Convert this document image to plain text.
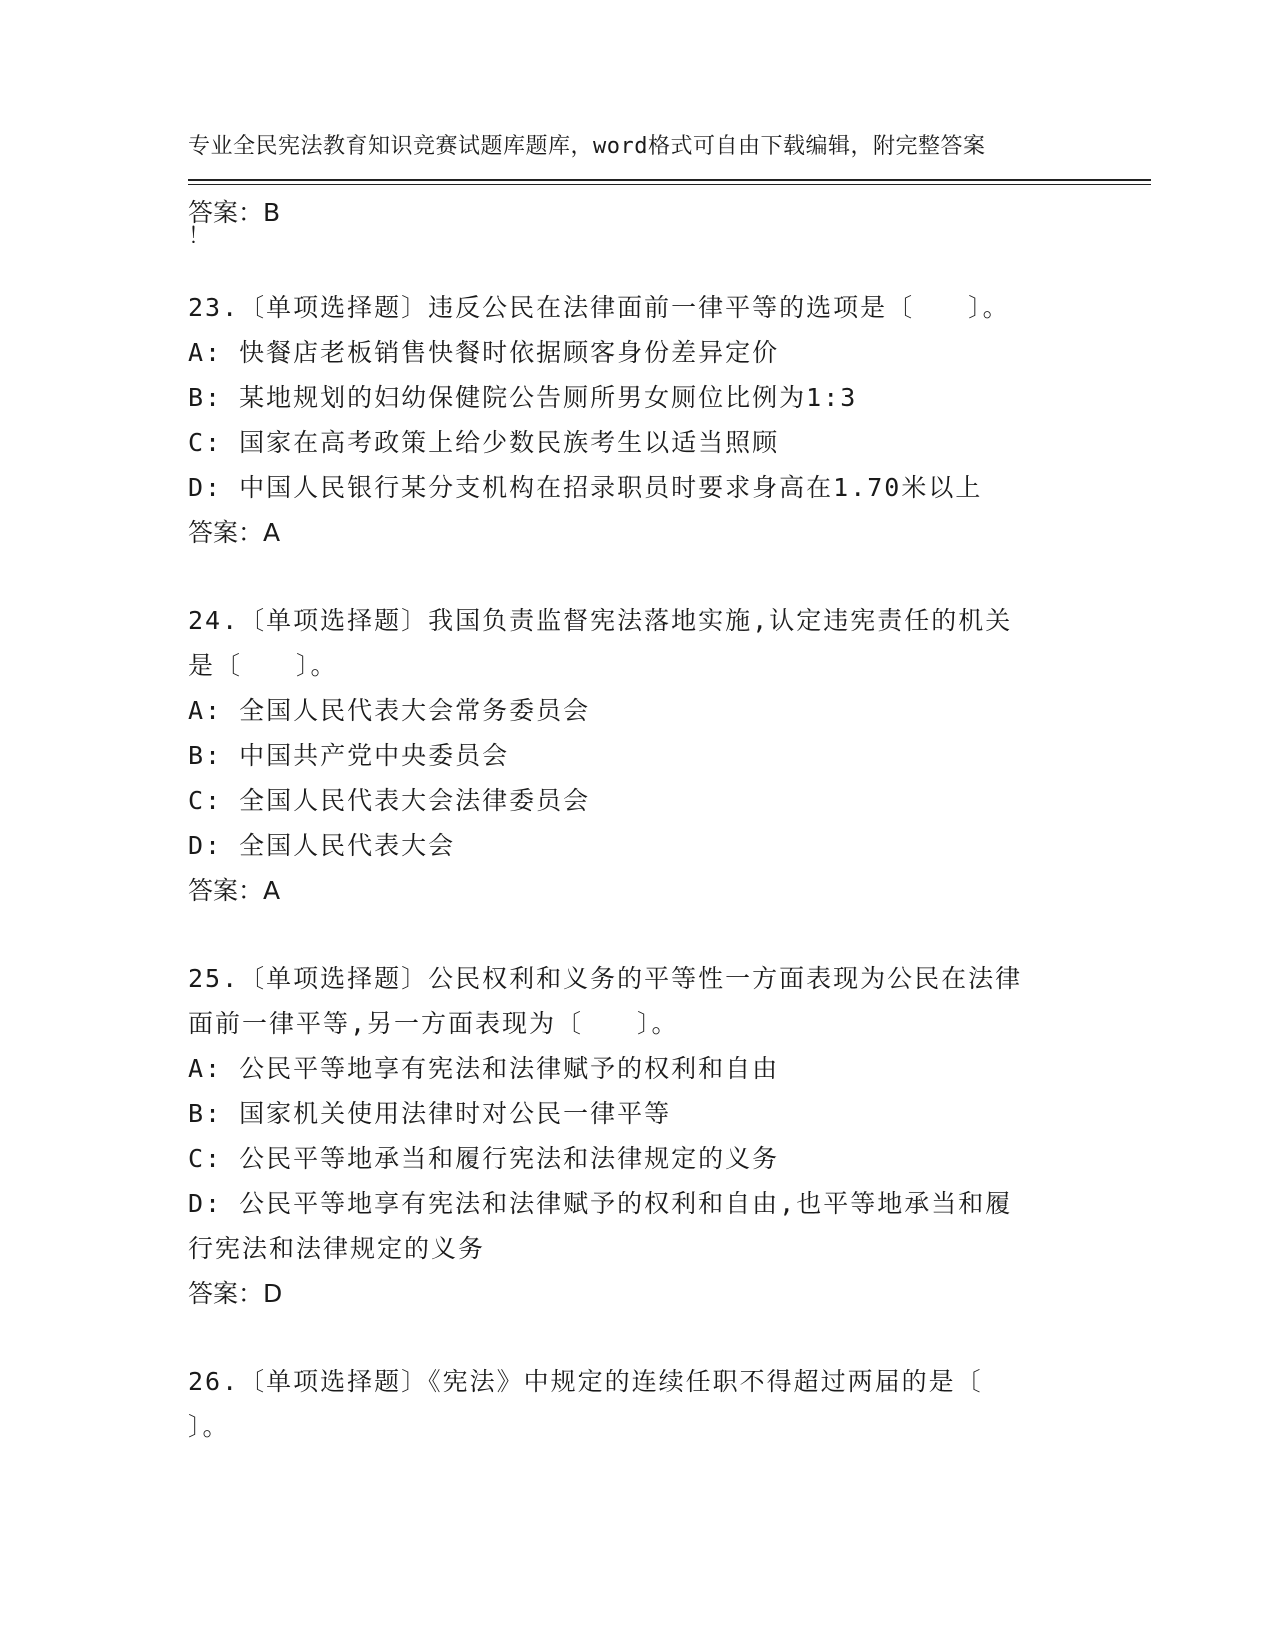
专业全民宪法教育知识竞赛试题库题库，word格式可自由下载编辑，附完整答案

！

答案：B
23.〔单项选择题〕违反公民在法律面前一律平等的选项是〔　　〕。
A: 快餐店老板销售快餐时依据顾客身份差异定价
B: 某地规划的妇幼保健院公告厕所男女厕位比例为1:3
C: 国家在高考政策上给少数民族考生以适当照顾
D: 中国人民银行某分支机构在招录职员时要求身高在1.70米以上
答案：A
24.〔单项选择题〕我国负责监督宪法落地实施,认定违宪责任的机关
是〔　　〕。
A: 全国人民代表大会常务委员会
B: 中国共产党中央委员会
C: 全国人民代表大会法律委员会
D: 全国人民代表大会
答案：A
25.〔单项选择题〕公民权利和义务的平等性一方面表现为公民在法律
面前一律平等,另一方面表现为〔　　〕。
A: 公民平等地享有宪法和法律赋予的权利和自由
B: 国家机关使用法律时对公民一律平等
C: 公民平等地承当和履行宪法和法律规定的义务
D: 公民平等地享有宪法和法律赋予的权利和自由,也平等地承当和履
行宪法和法律规定的义务
答案：D
26.〔单项选择题〕《宪法》中规定的连续任职不得超过两届的是〔
〕。
